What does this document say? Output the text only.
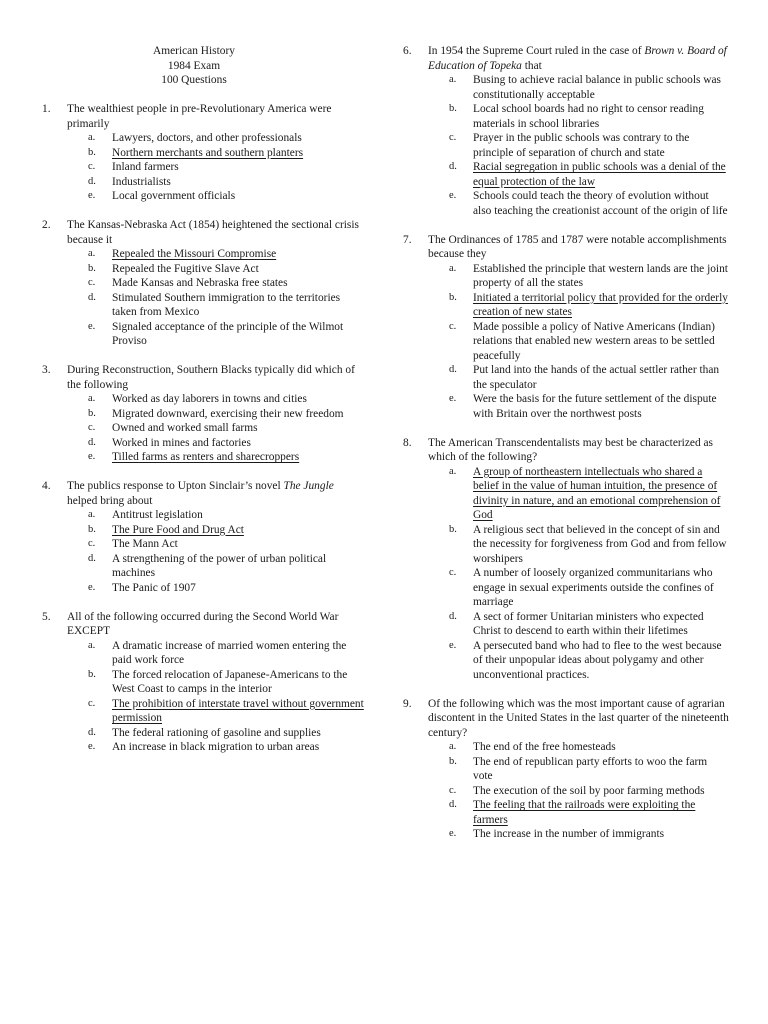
American History
1984 Exam
100 Questions
1. The wealthiest people in pre-Revolutionary America were primarily
a. Lawyers, doctors, and other professionals
b. Northern merchants and southern planters
c. Inland farmers
d. Industrialists
e. Local government officials
2. The Kansas-Nebraska Act (1854) heightened the sectional crisis because it
a. Repealed the Missouri Compromise
b. Repealed the Fugitive Slave Act
c. Made Kansas and Nebraska free states
d. Stimulated Southern immigration to the territories taken from Mexico
e. Signaled acceptance of the principle of the Wilmot Proviso
3. During Reconstruction, Southern Blacks typically did which of the following
a. Worked as day laborers in towns and cities
b. Migrated downward, exercising their new freedom
c. Owned and worked small farms
d. Worked in mines and factories
e. Tilled farms as renters and sharecroppers
4. The publics response to Upton Sinclair’s novel The Jungle helped bring about
a. Antitrust legislation
b. The Pure Food and Drug Act
c. The Mann Act
d. A strengthening of the power of urban political machines
e. The Panic of 1907
5. All of the following occurred during the Second World War EXCEPT
a. A dramatic increase of married women entering the paid work force
b. The forced relocation of Japanese-Americans to the West Coast to camps in the interior
c. The prohibition of interstate travel without government permission
d. The federal rationing of gasoline and supplies
e. An increase in black migration to urban areas
6. In 1954 the Supreme Court ruled in the case of Brown v. Board of Education of Topeka that
a. Busing to achieve racial balance in public schools was constitutionally acceptable
b. Local school boards had no right to censor reading materials in school libraries
c. Prayer in the public schools was contrary to the principle of separation of church and state
d. Racial segregation in public schools was a denial of the equal protection of the law
e. Schools could teach the theory of evolution without also teaching the creationist account of the origin of life
7. The Ordinances of 1785 and 1787 were notable accomplishments because they
a. Established the principle that western lands are the joint property of all the states
b. Initiated a territorial policy that provided for the orderly creation of new states
c. Made possible a policy of Native Americans (Indian) relations that enabled new western areas to be settled peacefully
d. Put land into the hands of the actual settler rather than the speculator
e. Were the basis for the future settlement of the dispute with Britain over the northwest posts
8. The American Transcendentalists may best be characterized as which of the following?
a. A group of northeastern intellectuals who shared a belief in the value of human intuition, the presence of divinity in nature, and an emotional comprehension of God
b. A religious sect that believed in the concept of sin and the necessity for forgiveness from God and from fellow worshipers
c. A number of loosely organized communitarians who engage in sexual experiments outside the confines of marriage
d. A sect of former Unitarian ministers who expected Christ to descend to earth within their lifetimes
e. A persecuted band who had to flee to the west because of their unpopular ideas about polygamy and other unconventional practices.
9. Of the following which was the most important cause of agrarian discontent in the United States in the last quarter of the nineteenth century?
a. The end of the free homesteads
b. The end of republican party efforts to woo the farm vote
c. The execution of the soil by poor farming methods
d. The feeling that the railroads were exploiting the farmers
e. The increase in the number of immigrants
